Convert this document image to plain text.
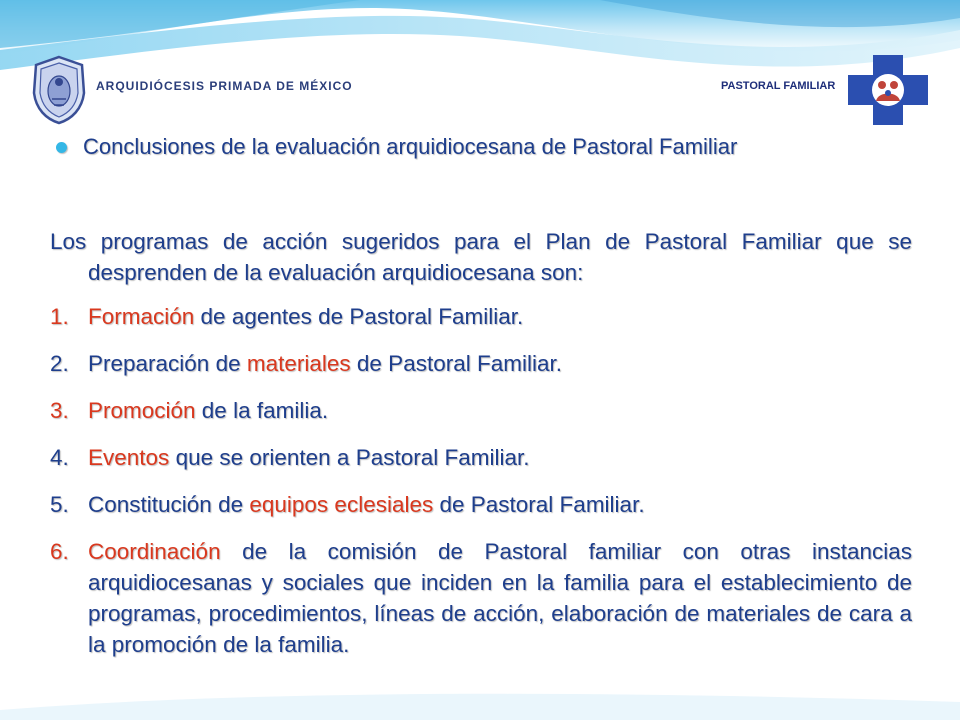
ARQUIDIÓCESIS PRIMADA DE MÉXICO	PASTORAL FAMILIAR
Conclusiones de la evaluación arquidiocesana de Pastoral Familiar

Los programas de acción sugeridos para el Plan de Pastoral Familiar que se desprenden de la evaluación arquidiocesana son:

1. Formación de agentes de Pastoral Familiar.
2. Preparación de materiales de Pastoral Familiar.
3. Promoción de la familia.
4. Eventos que se orienten a Pastoral Familiar.
5. Constitución de equipos eclesiales de Pastoral Familiar.
6. Coordinación de la comisión de Pastoral familiar con otras instancias arquidiocesanas y sociales que inciden en la familia para el establecimiento de programas, procedimientos, líneas de acción, elaboración de materiales de cara a la promoción de la familia.
